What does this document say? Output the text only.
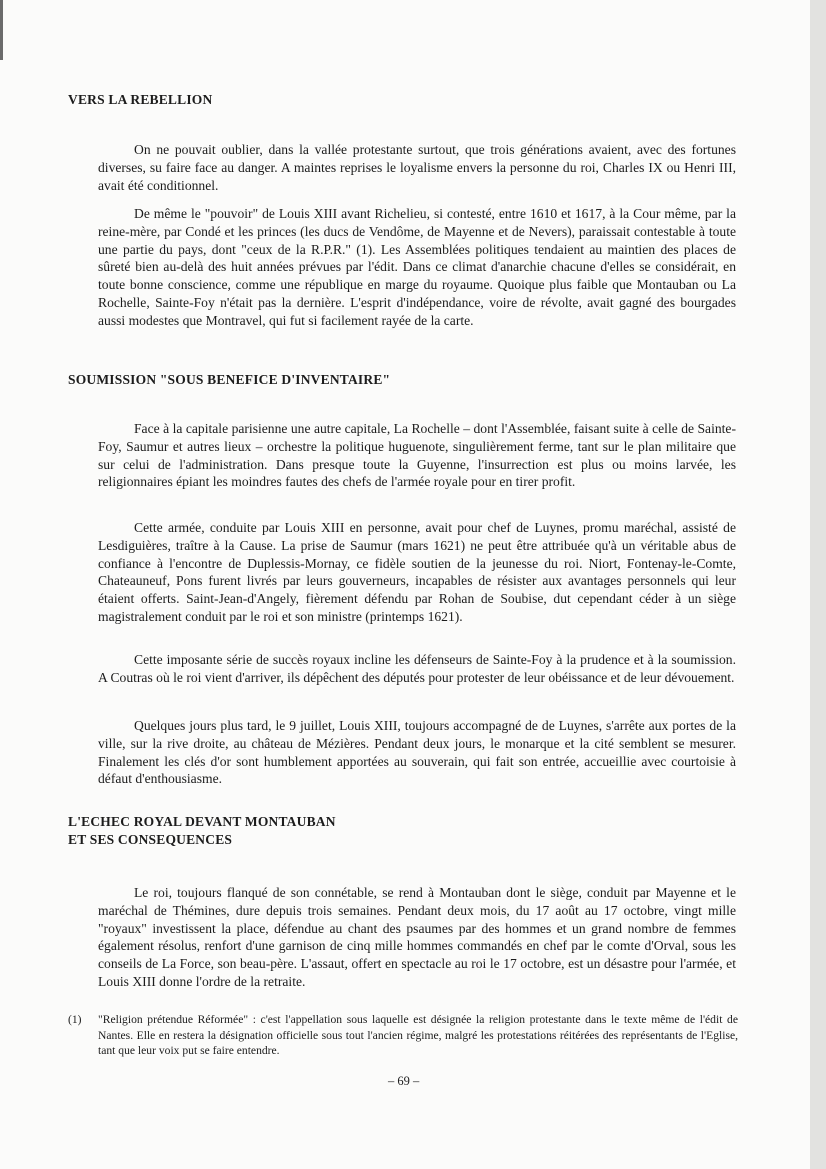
VERS LA REBELLION

On ne pouvait oublier, dans la vallée protestante surtout, que trois générations avaient, avec des fortunes diverses, su faire face au danger. A maintes reprises le loyalisme envers la personne du roi, Charles IX ou Henri III, avait été conditionnel.

De même le "pouvoir" de Louis XIII avant Richelieu, si contesté, entre 1610 et 1617, à la Cour même, par la reine-mère, par Condé et les princes (les ducs de Vendôme, de Mayenne et de Nevers), paraissait contestable à toute une partie du pays, dont "ceux de la R.P.R." (1). Les Assemblées politiques tendaient au maintien des places de sûreté bien au-delà des huit années prévues par l'édit. Dans ce climat d'anarchie chacune d'elles se considérait, en toute bonne conscience, comme une république en marge du royaume. Quoique plus faible que Montauban ou La Rochelle, Sainte-Foy n'était pas la dernière. L'esprit d'indépendance, voire de révolte, avait gagné des bourgades aussi modestes que Montravel, qui fut si facilement rayée de la carte.

SOUMISSION "SOUS BENEFICE D'INVENTAIRE"

Face à la capitale parisienne une autre capitale, La Rochelle – dont l'Assemblée, faisant suite à celle de Sainte-Foy, Saumur et autres lieux – orchestre la politique huguenote, singulièrement ferme, tant sur le plan militaire que sur celui de l'administration. Dans presque toute la Guyenne, l'insurrection est plus ou moins larvée, les religionnaires épiant les moindres fautes des chefs de l'armée royale pour en tirer profit.

Cette armée, conduite par Louis XIII en personne, avait pour chef de Luynes, promu maréchal, assisté de Lesdiguières, traître à la Cause. La prise de Saumur (mars 1621) ne peut être attribuée qu'à un véritable abus de confiance à l'encontre de Duplessis-Mornay, ce fidèle soutien de la jeunesse du roi. Niort, Fontenay-le-Comte, Chateauneuf, Pons furent livrés par leurs gouverneurs, incapables de résister aux avantages personnels qui leur étaient offerts. Saint-Jean-d'Angely, fièrement défendu par Rohan de Soubise, dut cependant céder à un siège magistralement conduit par le roi et son ministre (printemps 1621).

Cette imposante série de succès royaux incline les défenseurs de Sainte-Foy à la prudence et à la soumission. A Coutras où le roi vient d'arriver, ils dépêchent des députés pour protester de leur obéissance et de leur dévouement.

Quelques jours plus tard, le 9 juillet, Louis XIII, toujours accompagné de de Luynes, s'arrête aux portes de la ville, sur la rive droite, au château de Mézières. Pendant deux jours, le monarque et la cité semblent se mesurer. Finalement les clés d'or sont humblement apportées au souverain, qui fait son entrée, accueillie avec courtoisie à défaut d'enthousiasme.

L'ECHEC ROYAL DEVANT MONTAUBAN
ET SES CONSEQUENCES

Le roi, toujours flanqué de son connétable, se rend à Montauban dont le siège, conduit par Mayenne et le maréchal de Thémines, dure depuis trois semaines. Pendant deux mois, du 17 août au 17 octobre, vingt mille "royaux" investissent la place, défendue au chant des psaumes par des hommes et un grand nombre de femmes également résolus, renfort d'une garnison de cinq mille hommes commandés en chef par le comte d'Orval, sous les conseils de La Force, son beau-père. L'assaut, offert en spectacle au roi le 17 octobre, est un désastre pour l'armée, et Louis XIII donne l'ordre de la retraite.

(1)	"Religion prétendue Réformée" : c'est l'appellation sous laquelle est désignée la religion protestante dans le texte même de l'édit de Nantes. Elle en restera la désignation officielle sous tout l'ancien régime, malgré les protestations réitérées des représentants de l'Eglise, tant que leur voix put se faire entendre.
– 69 –
